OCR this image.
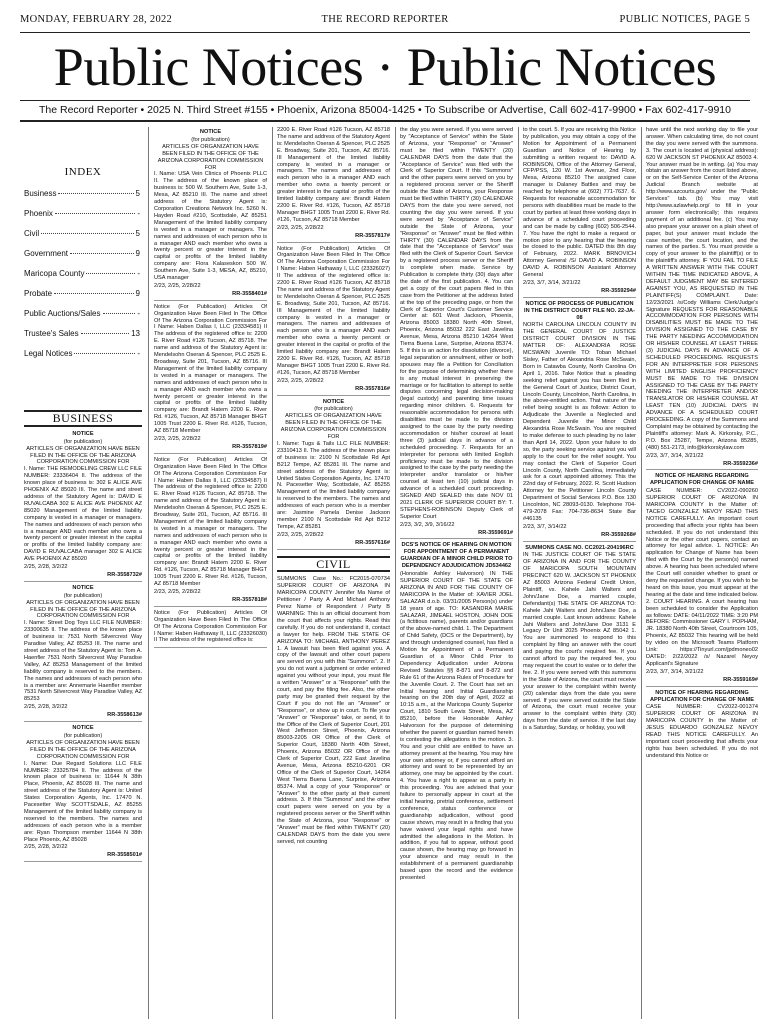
MONDAY, FEBRUARY 28, 2022	THE RECORD REPORTER	PUBLIC NOTICES, PAGE 5
Public Notices · Public Notices
The Record Reporter • 2025 N. Third Street #155 • Phoenix, Arizona 85004-1425 • To Subscribe or Advertise, Call 602-417-9900 • Fax 602-417-9910
INDEX
Business	5
Phoenix	-
Civil	5
Government	9
Maricopa County	-
Probate	9
Public Auctions/Sales	-
Trustee's Sales	13
Legal Notices	-
BUSINESS
NOTICE
(for publication)
ARTICLES OF ORGANIZATION HAVE BEEN FILED IN THE OFFICE OF THE ARIZONA CORPORATION COMMISSION FOR

I. Name: THE REMODELING CREW LLC FILE NUMBER: 23336404 II. The address of the known place of business is: 302 E ALICE AVE PHOENIX AZ 85020 III. The name and street address of the Statutory Agent is: DAVID E RUVALCABA 302 E ALICE AVE PHOENIX AZ 85020 Management of the limited liability company is vested in a manager or managers. The names and addresses of each person who is a manager AND each member who owns a twenty percent or greater interest in the capital or profits of the limited liability company are: DAVID E RUVALCABA manager 302 E ALICE AVE PHOENIX AZ 85020

2/25, 2/28, 3/2/22

RR-3558732#
NOTICE
(for publication)
ARTICLES OF ORGANIZATION HAVE BEEN FILED IN THE OFFICE OF THE ARIZONA CORPORATION COMMISSION FOR

I. Name: Street Dog Toys LLC FILE NUMBER: 23300635 II. The address of the known place of business is: 7531 North Silvercrest Way Paradise Valley, AZ 85253 III. The name and street address of the Statutory Agent is: Tom A. Haenfler 7531 North Silvercrest Way Paradise Valley, AZ 85253 Management of the limited liability company is reserved to the members. The names and addresses of each person who is a member are: Annemarie Haenfler member 7531 North Silvercrest Way Paradise Valley, AZ 85253

2/25, 2/28, 3/2/22

RR-3558613#
NOTICE
(for publication)
ARTICLES OF ORGANIZATION HAVE BEEN FILED IN THE OFFICE OF THE ARIZONA CORPORATION COMMISSION FOR

I. Name: Due Regard Solutions LLC FILE NUMBER: 23325784 II. The address of the known place of business is: 11644 N 38th Place, Phoenix, AZ 85028 III. The name and street address of the Statutory Agent is: United States Corporation Agents, Inc. 17470 N. Pacesetter Way SCOTTSDALE, AZ 85255 Management of the limited liability company is reserved to the members. The names and addresses of each person who is a member are: Ryan Thompson member 11644 N 38th Place Phoenix, AZ 85028

2/25, 2/28, 3/2/22

RR-3558501#
NOTICE
(for publication)
ARTICLES OF ORGANIZATION HAVE BEEN FILED IN THE OFFICE OF THE ARIZONA CORPORATION COMMISSION FOR

I. Name: USA Vein Clinics of Phoenix PLLC II. The address of the known place of business is: 500 W. Southern Ave, Suite 1-3, Mesa, AZ 85210 III. The name and street address of the Statutory Agent is: Corporation Creations Network Inc. 5260 N. Hayden Road #210, Scottsdale, AZ 85251 Management of the limited liability company is vested in a manager or managers. The names and addresses of each person who is a manager AND each member who owns a twenty percent or greater interest in the capital or profits of the limited liability company are: Flora Kalaseskon 500 W. Southern Ave, Suite 1-3, MESA, AZ, 85210, USA manager

2/23, 2/25, 2/28/22

RR-3558401#

Notice (For Publication) Articles Of Organization Have Been Filed In The Office Of The Arizona Corporation Commission For I Name: Haben Dallas I, LLC (23334581) II The address of the registered office is: 2200 E. River Road #126 Tucson, AZ 85718. The name and address of the Statutory Agent is: Mendelsohn Oseran & Spencer, PLC 2525 E. Broadway, Suite 201, Tucson, AZ 85716. III Management of the limited liability company is vested in a manager or managers. The names and addresses of each person who is a manager AND each member who owns a twenty percent or greater interest in the capital or profits of the limited liability company are: Brandt Hatem 2200 E. River Rd. #126, Tucson, AZ 85718 Manager BHGT 1005 Trust 2200 E. River Rd. #126, Tucson, AZ 85718 Member

2/23, 2/25, 2/28/22

RR-3557819#

Notice (For Publication) Articles Of Organization Have Been Filed In The Office Of The Arizona Corporation Commission For I Name: Haben Dallas II, LLC (23334587) II The address of the registered office is: 2200 E. River Road #126 Tucson, AZ 85718. The name and address of the Statutory Agent is: Mendelsohn Oseran & Spencer, PLC 2525 E. Broadway, Suite 201, Tucson, AZ 85716. III Management of the limited liability company is vested in a manager or managers. The names and addresses of each person who is a manager AND each member who owns a twenty percent or greater interest in the capital or profits of the limited liability company are: Brandt Hatem 2200 E. River Rd. #126, Tucson, AZ 85718 Manager BHGT 1005 Trust 2200 E. River Rd. #126, Tucson, AZ 85718 Member

2/23, 2/25, 2/28/22

RR-3557818#

Notice (For Publication) Articles Of Organization Have Been Filed In The Office Of The Arizona Corporation Commission For I Name: Haben Hathaway II, LLC (23326030) II The address of the registered office is:

2200 E. River Road #126 Tucson, AZ 85718 The name and address of the Statutory Agent is: Mendelsohn Oseran & Spencer, PLC 2525 E. Broadway, Suite 201, Tucson, AZ 85716. III Management of the limited liability company is vested in a manager or managers. The names and addresses of each person who is a manager AND each member who owns a twenty percent or greater interest in the capital or profits of the limited liability company are: Brandt Hatem 2200 E. River Rd. #126, Tucson, AZ 85718 Manager BHGT 1005 Trust 2200 E. River Rd. #126, Tucson, AZ 85718 Member

2/23, 2/25, 2/28/22

RR-3557817#

Notice (For Publication) Articles Of Organization Have Been Filed In The Office Of The Arizona Corporation Commission For I Name: Haben Hathaway I, LLC (23326027) II The address of the registered office is: 2200 E. River Road #126 Tucson, AZ 85718 The name and address of the Statutory Agent is: Mendelsohn Oseran & Spencer, PLC 2525 E. Broadway, Suite 201, Tucson, AZ 85716. III Management of the limited liability company is vested in a manager or managers. The names and addresses of each person who is a manager AND each member who owns a twenty percent or greater interest in the capital or profits of the limited liability company are: Brandt Hatem 2200 E. River Rd. #126, Tucson, AZ 85718 Manager BHGT 1005 Trust 2200 E. River Rd. #126, Tucson, AZ 85718 Member

2/23, 2/25, 2/28/22

RR-3557816#
NOTICE
(for publication)
ARTICLES OF ORGANIZATION HAVE BEEN FILED IN THE OFFICE OF THE ARIZONA CORPORATION COMMISSION FOR

I. Name: Tugs & Tails LLC FILE NUMBER: 23310413 II. The address of the known place of business is: 2100 N Scottsdale Rd Apt B212 Tempe, AZ 85281 III. The name and street address of the Statutory Agent is: United States Corporation Agents, Inc. 17470 N. Pacesetter Way, Scottsdale, AZ 85255 Management of the limited liability company is reserved to the members. The names and addresses of each person who is a member are: Jasmine Pamela Denise Jackson member 2100 N Scottsdale Rd Apt B212 Tempe, AZ 85281

2/23, 2/25, 2/28/22

RR-3557616#
CIVIL

SUMMONS Case No.: FC2015-070734 SUPERIOR COURT OF ARIZONA IN MARICOPA COUNTY Jennifer Ma Name of Petitioner / Party A And Michael Anthony Perez Name of Respondent / Party B WARNING: This is an official document from the court that affects your rights. Read this carefully. If you do not understand it, contact a lawyer for help. FROM THE STATE OF ARIZONA TO: MICHAEL ANTHONY PEREZ 1. A lawsuit has been filed against you. A copy of the lawsuit and other court papers are served on you with this "Summons". 2. If you do not want a judgment or order entered against you without your input, you must file a written "Answer" or a "Response" with the court, and pay the filing fee. Also, the other party may be granted their request by the Court if you do not file an "Answer" or "Response", or show up in court. To file your "Answer" or "Response" take, or send, it to the Office of the Clerk of Superior Court, 201 West Jefferson Street, Phoenix, Arizona 85003-2205 OR Office of the Clerk of Superior Court, 18380 North 40th Street, Phoenix, Arizona 85032 OR Office of the Clerk of Superior Court, 222 East Javelina Avenue, Mesa, Arizona 85210-6201 OR Office of the Clerk of Superior Court, 14264 West Tierra Buena Lane, Surprise, Arizona 85374. Mail a copy of your "Response" or "Answer" to the other party at their current address. 3. If this "Summons" and the other court papers were served on you by a registered process server or the Sheriff within the State of Arizona, your "Response" or "Answer" must be filed within TWENTY (20) CALENDAR DAYS from the date you were served, not counting

the day you were served. If you were served by "Acceptance of Service" within the State of Arizona, your "Response" or "Answer" must be filed within TWENTY (20) CALENDAR DAYS from the date that the "Acceptance of Service" was filed with the Clerk of Superior Court. If this "Summons" and the other papers were served on you by a registered process server or the Sheriff outside the State of Arizona, your Response must be filed within THIRTY (30) CALENDAR DAYS from the date you were served, not counting the day you were served. If you were served by "Acceptance of Service" outside the State of Arizona, your "Response" or "Answer" must be filed within THIRTY (30) CALENDAR DAYS from the date that the "Acceptance of Service" was filed with the Clerk of Superior Court. Service by a registered process server or the Sheriff is complete when made. Service by Publication is complete thirty (30) days after the date of the first publication. 4. You can get a copy of the court papers filed in this case from the Petitioner at the address listed at the top of the preceding page, or from the Clerk of Superior Court's Customer Service Center at: 601 West Jackson, Phoenix, Arizona 85003 18380 North 40th Street, Phoenix, Arizona 85032 222 East Javelina Avenue, Mesa, Arizona 85210 14264 West Tierra Buena Lane, Surprise, Arizona 85374. 5. If this is an action for dissolution (divorce), legal separation or annulment, either or both spouses may file a Petition for Conciliation for the purpose of determining whether there is any mutual interest in preserving the marriage or for facilitation to attempt to settle disputes concerning legal decision-making (legal custody) and parenting time issues regarding minor children. 6. Requests for reasonable accommodation for persons with disabilities must be made to the division assigned to the case by the party needing accommodation or his/her counsel at least three (3) judicial days in advance of a scheduled proceeding. 7. Requests for an interpreter for persons with limited English proficiency must be made to the division assigned to the case by the party needing the interpreter and/or translator or his/her counsel at least ten (10) judicial days in advance of a scheduled court proceeding. SIGNED AND SEALED this date NOV 01 2021 CLERK OF SUPERIOR COURT BY: T. STEPHENS-ROBINSON Deputy Clerk of Superior Court

2/23, 3/2, 3/9, 3/16/22

RR-3559691#
DCS'S NOTICE OF HEARING ON MOTION FOR APPOINTMENT OF A PERMANENT GUARDIAN OF A MINOR CHILD PRIOR TO DEPENDENCY ADJUDICATION JD534462

(Honorable Ashley Halvorson) IN THE SUPERIOR COURT OF THE STATE OF ARIZONA IN AND FOR THE COUNTY OF MARICOPA In the Matter of: XAVIER JOEL SALAZAR d.o.b. 03/31/2005 Person(s) under 18 years of age. TO: KASANDRA MARIE SALAZAR, JIMEAEL HOSTON, JOHN DOE (a fictitious name), parents and/or guardians of the above-named child. 1. The Department of Child Safety, (DCS or the Department), by and through undersigned counsel, has filed a Motion for Appointment of a Permanent Guardian of a Minor Child Prior to Dependency Adjudication under Arizona Revised Statutes §§ 8-871 and 8-872 and Rule 61 of the Arizona Rules of Procedure for the Juvenile Court. 2. The Court has set an Initial hearing and Initial Guardianship hearing on the 20th day of April, 2022 at 10:15 a.m., at the Maricopa County Superior Court, 1810 South Lewis Street, Mesa, AZ 85210, before the Honorable Ashley Halvorson for the purpose of determining whether the parent or guardian named herein is contesting the allegations in the motion. 3. You and your child are entitled to have an attorney present at the hearing. You may hire your own attorney or, if you cannot afford an attorney and want to be represented by an attorney, one may be appointed by the court. 4. You have a right to appear as a party in this proceeding. You are advised that your failure to personally appear in court at the initial hearing, pretrial conference, settlement conference, status conference or guardianship adjudication, without good cause shown, may result in a finding that you have waived your legal rights and have admitted the allegations in the Motion. In addition, if you fail to appear, without good cause shown, the hearing may go forward in your absence and may result in the establishment of a permanent guardianship based upon the record and the evidence presented

to the court. 5. If you are receiving this Notice by publication, you may obtain a copy of the Motion for Appointment of a Permanent Guardian and Notice of Hearing by submitting a written request to: DAVID A. ROBINSON, Office of the Attorney General, CFP/PSS, 120 W. 1st Avenue, 2nd Floor, Mesa, Arizona 85210 The assigned case manager is Dalaney Battles and may be reached by telephone at (602) 771-7637. 6. Requests for reasonable accommodation for persons with disabilities must be made to the court by parties at least three working days in advance of a scheduled court proceeding and can be made by calling (602) 506-2544. 7. You have the right to make a request or motion prior to any hearing that the hearing be closed to the public. DATED this 8th day of February, 2022. MARK BRNOVICH Attorney General /S/ DAVID A. ROBINSON DAVID A. ROBINSON Assistant Attorney General

2/23, 3/7, 3/14, 3/21/22

RR-3559294#
NOTICE OF PROCESS OF PUBLICATION IN THE DISTRICT COURT FILE NO. 22-JA-08

NORTH CAROLINA LINCOLN COUNTY IN THE GENERAL COURT OF JUSTICE DISTRICT COURT DIVISION IN THE MATTER OF: ALEXANDRIA ROSE MCSWAIN Juvenile TO: Toban Michael Sisley, Father of Alexandria Rose McSwain, Born in Catawba County, North Carolina On April 1, 2016. Take Notice that a pleading seeking relief against you has been filed in the General Court of Justice, District Court, Lincoln County, Lincolnton, North Carolina, in the above-entitled action. That nature of the relief being sought is as follows: Action to Adjudicate the Juvenile a Neglected and Dependent Juvenile the Minor Child Alexandria Rose McSwain. You are required to make defense to such pleading by no later than April 14, 2022. Upon your failure to do so, the party seeking service against you will apply to the court for the relief sought. You may contact the Clerk of Superior Court Lincoln County, North Carolina, immediately ask for a court appointed attorney. This the 22nd day of February, 2022. R. Scott Hudson Attorney for the Petitioner Lincoln County Department of Social Services P.O. Box 130 Lincolnton, NC 28093-0130. Telephone 704-479-2078 Fax: 704-736-8634 State Bar #46135

2/23, 3/7, 3/14/22

RR-3559268#
SUMMONS CASE NO. CC2021-204196RC

IN THE JUSTICE COURT OF THE STATE OF ARIZONA IN AND FOR THE COUNTY OF MARICOPA SOUTH MOUNTAIN PRECINCT 620 W. JACKSON ST PHOENIX AZ 85003 Arizona Federal Credit Union, Plaintiff, vs. Kahele Jahi Walters and John/Jane Doe, a married couple, Defendant(s) THE STATE OF ARIZONA TO: Kahele Jahi Walters and John/Jane Doe, a married couple. Last known address: Kahele Jahi Walters and John/Jane Doe 3131 E Legacy Dr Unit 2025 Phoenix AZ 85042 1. You are summoned to respond to this complaint by filing an answer with the court and paying the court's required fee. If you cannot afford to pay the required fee, you may request the court to waive or to defer the fee. 2. If you were served with this summons in the State of Arizona, the court must receive your answer to the complaint within twenty (20) calendar days from the date you were served. If you were served outside the State of Arizona, the court must receive your answer to the complaint within thirty (30) days from the date of service. If the last day is a Saturday, Sunday, or holiday, you will

have until the next working day to file your answer. When calculating time, do not count the day you were served with the summons. 3. The court is located at (physical address): 620 W JACKSON ST PHOENIX AZ 85003 4. Your answer must be in writing. (a) You may obtain an answer from the court listed above, or on the Self-Service Center of the Arizona Judicial Branch website at http://www.azcourts.gov/ under the "Public Services" tab. (b) You may visit http://www.azlawhelp.org/ to fill in your answer form electronically; this requires payment of an additional fee. (c) You may also prepare your answer on a plain sheet of paper, but your answer must include the case number, the court location, and the names of the parties. 5. You must provide a copy of your answer to the plaintiff(s) or to the plaintiff's attorney. IF YOU FAIL TO FILE A WRITTEN ANSWER WITH THE COURT WITHIN THE TIME INDICATED ABOVE, A DEFAULT JUDGMENT MAY BE ENTERED AGAINST YOU, AS REQUESTED IN THE PLAINTIFF(S) COMPLAINT. Date: 12/23/2021 /s/Cody Williams Clerk/Judge's Signature REQUESTS FOR REASONABLE ACCOMMODATION FOR PERSONS WITH DISABILITIES MUST BE MADE TO THE DIVISION ASSIGNED TO THE CASE BY THE PARTY NEEDING ACCOMMODATION OR HIS/HER COUNSEL AT LEAST THREE (3) JUDICIAL DAYS IN ADVANCE OF A SCHEDULED PROCEEDING. REQUESTS FOR AN INTERPRETER FOR PERSONS WITH LIMITED ENGLISH PROFICIENCY MUST BE MADE TO THE DIVISION ASSIGNED TO THE CASE BY THE PARTY NEEDING THE INTERPRETER AND/OR TRANSLATOR OR HIS/HER COUNSEL AT LEAST TEN (10) JUDICIAL DAYS IN ADVANCE OF A SCHEDULED COURT PROCEEDING. A copy of the Summons and Complaint may be obtained by contacting the Plaintiff's attorney: Mark A. Kirkorsky, P.C., P.O. Box 25287, Tempe, Arizona 85285, (480) 551-2173, info@kirkorskylaw.com

2/23, 3/7, 3/14, 3/21/22

RR-3559236#
NOTICE OF HEARING REGARDING APPLICATION FOR CHANGE OF NAME

CASE NUMBER: CV2022-090260 SUPERIOR COURT OF ARIZONA IN MARICOPA COUNTY In the Matter of: TACEO GONZALEZ NEVOY READ THIS NOTICE CAREFULLY. An important court proceeding that affects your rights has been scheduled. If you do not understand this Notice or the other court papers, contact an attorney for legal advice. 1. NOTICE: An application for Change of Name has been filed with the Court by the person(s) named above. A hearing has been scheduled where the Court will consider whether to grant or deny the requested change. If you wish to be heard on this issue, you must appear at the hearing at the date and time indicated below. 2. COURT HEARING. A court hearing has been scheduled to consider the Application as follows: DATE: 04/11/2022 TIME: 3:20 PM BEFORE: Commissioner GARY I. POPHAM, JR. 18380 North 40th Street, Courtroom 105, Phoenix, AZ 85032 This hearing will be held by video on the Microsoft Teams Platform Link: https://Tinyurl.com/jpdmoneo02 DATED: 2/22/2022 /s/ Nazarel Neyoy Applicant's Signature

2/23, 3/7, 3/14, 3/21/22

RR-3559169#
NOTICE OF HEARING REGARDING APPLICATION FOR CHANGE OF NAME

CASE NUMBER: CV2022-001374 SUPERIOR COURT OF ARIZONA IN MARICOPA COUNTY In the Matter of: JESUS EDUARDO GONZALEZ NEVOY READ THIS NOTICE CAREFULLY. An important court proceeding that affects your rights has been scheduled. If you do not understand this Notice or
